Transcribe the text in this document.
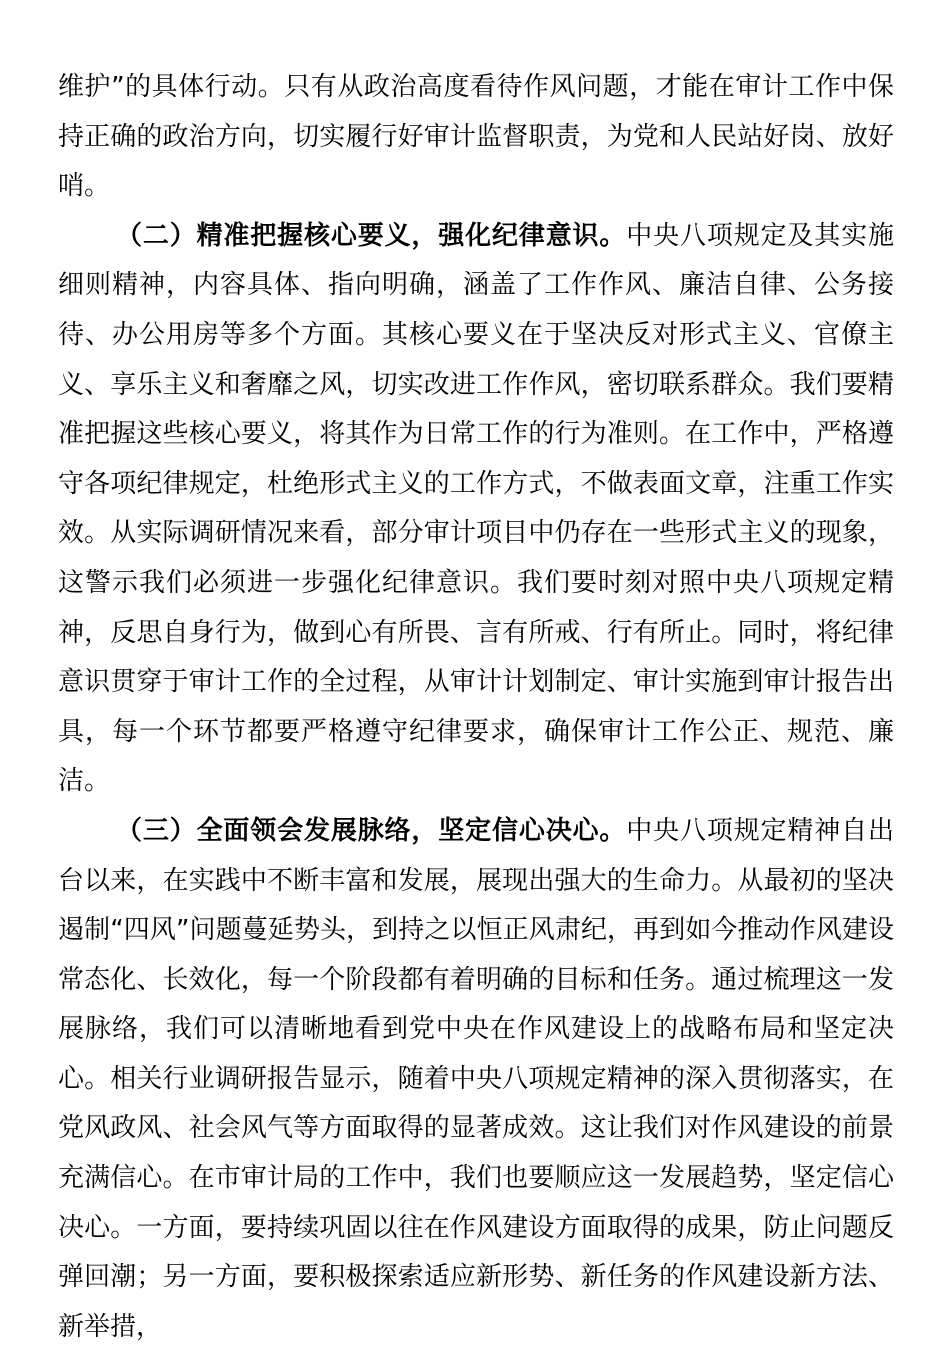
维护”的具体行动。只有从政治高度看待作风问题，才能在审计工作中保持正确的政治方向，切实履行好审计监督职责，为党和人民站好岗、放好哨。

（二）精准把握核心要义，强化纪律意识。中央八项规定及其实施细则精神，内容具体、指向明确，涵盖了工作作风、廉洁自律、公务接待、办公用房等多个方面。其核心要义在于坚决反对形式主义、官僚主义、享乐主义和奢靡之风，切实改进工作作风，密切联系群众。我们要精准把握这些核心要义，将其作为日常工作的行为准则。在工作中，严格遵守各项纪律规定，杜绝形式主义的工作方式，不做表面文章，注重工作实效。从实际调研情况来看，部分审计项目中仍存在一些形式主义的现象，这警示我们必须进一步强化纪律意识。我们要时刻对照中央八项规定精神，反思自身行为，做到心有所畏、言有所戒、行有所止。同时，将纪律意识贯穿于审计工作的全过程，从审计计划制定、审计实施到审计报告出具，每一个环节都要严格遵守纪律要求，确保审计工作公正、规范、廉洁。

（三）全面领会发展脉络，坚定信心决心。中央八项规定精神自出台以来，在实践中不断丰富和发展，展现出强大的生命力。从最初的坚决遏制“四风”问题蔓延势头，到持之以恒正风肃纪，再到如今推动作风建设常态化、长效化，每一个阶段都有着明确的目标和任务。通过梳理这一发展脉络，我们可以清晰地看到党中央在作风建设上的战略布局和坚定决心。相关行业调研报告显示，随着中央八项规定精神的深入贯彻落实，在党风政风、社会风气等方面取得的显著成效。这让我们对作风建设的前景充满信心。在市审计局的工作中，我们也要顺应这一发展趋势，坚定信心决心。一方面，要持续巩固以往在作风建设方面取得的成果，防止问题反弹回潮；另一方面，要积极探索适应新形势、新任务的作风建设新方法、新举措，
